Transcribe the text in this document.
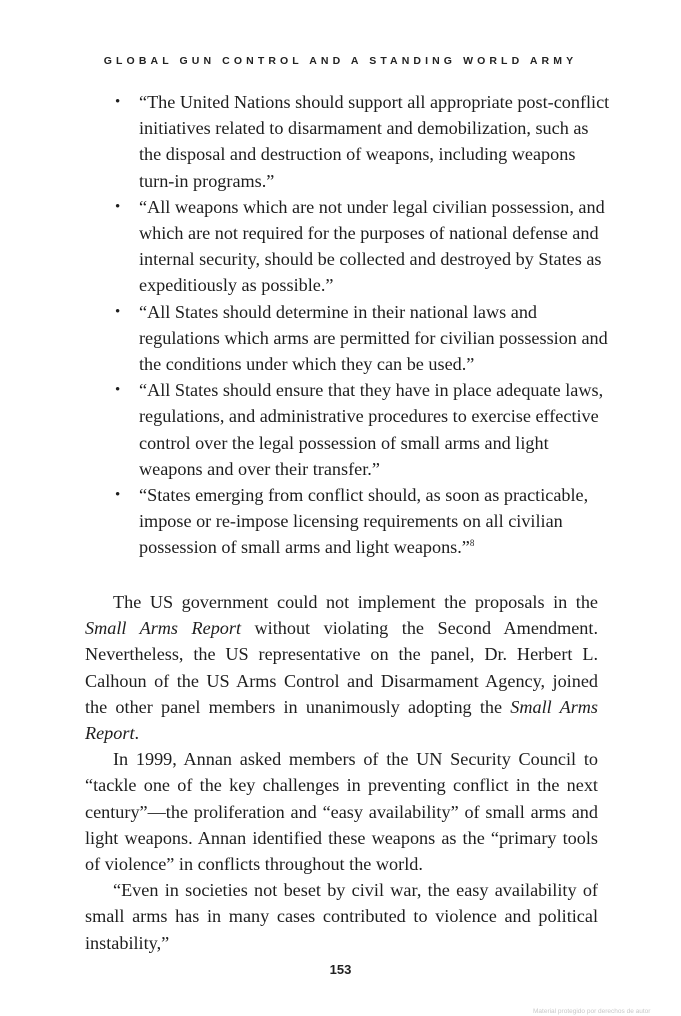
GLOBAL GUN CONTROL AND A STANDING WORLD ARMY
• “The United Nations should support all appropriate post-conflict initiatives related to disarmament and demobilization, such as the disposal and destruction of weapons, including weapons turn-in programs.”
• “All weapons which are not under legal civilian possession, and which are not required for the purposes of national defense and internal security, should be collected and destroyed by States as expeditiously as possible.”
• “All States should determine in their national laws and regulations which arms are permitted for civilian possession and the conditions under which they can be used.”
• “All States should ensure that they have in place adequate laws, regulations, and administrative procedures to exercise effective control over the legal possession of small arms and light weapons and over their transfer.”
• “States emerging from conflict should, as soon as practicable, impose or re-impose licensing requirements on all civilian possession of small arms and light weapons.”$^8$

The US government could not implement the proposals in the Small Arms Report without violating the Second Amendment. Nevertheless, the US representative on the panel, Dr. Herbert L. Calhoun of the US Arms Control and Disarmament Agency, joined the other panel members in unanimously adopting the Small Arms Report.

In 1999, Annan asked members of the UN Security Council to “tackle one of the key challenges in preventing conflict in the next century”—the proliferation and “easy availability” of small arms and light weapons. Annan identified these weapons as the “primary tools of violence” in conflicts throughout the world.

“Even in societies not beset by civil war, the easy availability of small arms has in many cases contributed to violence and political instability,”

153
Material protegido por derechos de autor
